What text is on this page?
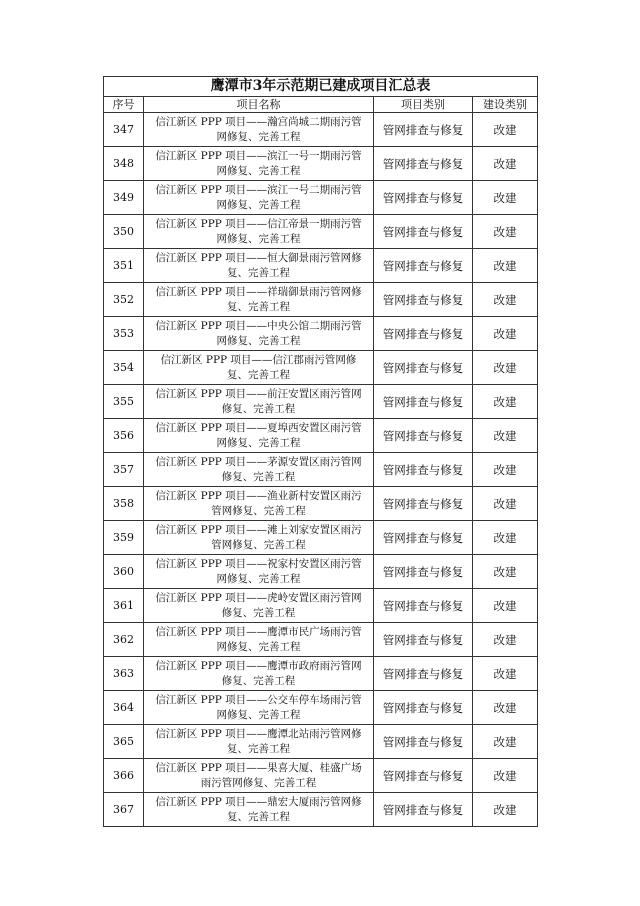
鹰潭市3年示范期已建成项目汇总表			
序号	项目名称	项目类别	建设类别
347	信江新区 PPP 项目——瀚宫尚城二期雨污管
网修复、完善工程	管网排查与修复	改建
348	信江新区 PPP 项目——滨江一号一期雨污管
网修复、完善工程	管网排查与修复	改建
349	信江新区 PPP 项目——滨江一号二期雨污管
网修复、完善工程	管网排查与修复	改建
350	信江新区 PPP 项目——信江帝景一期雨污管
网修复、完善工程	管网排查与修复	改建
351	信江新区 PPP 项目——恒大御景雨污管网修
复、完善工程	管网排查与修复	改建
352	信江新区 PPP 项目——祥瑞御景雨污管网修
复、完善工程	管网排查与修复	改建
353	信江新区 PPP 项目——中央公馆二期雨污管
网修复、完善工程	管网排查与修复	改建
354	信江新区 PPP 项目——信江郡雨污管网修
复、完善工程	管网排查与修复	改建
355	信江新区 PPP 项目——前汪安置区雨污管网
修复、完善工程	管网排查与修复	改建
356	信江新区 PPP 项目——夏埠西安置区雨污管
网修复、完善工程	管网排查与修复	改建
357	信江新区 PPP 项目——茅源安置区雨污管网
修复、完善工程	管网排查与修复	改建
358	信江新区 PPP 项目——渔业新村安置区雨污
管网修复、完善工程	管网排查与修复	改建
359	信江新区 PPP 项目——滩上刘家安置区雨污
管网修复、完善工程	管网排查与修复	改建
360	信江新区 PPP 项目——祝家村安置区雨污管
网修复、完善工程	管网排查与修复	改建
361	信江新区 PPP 项目——虎岭安置区雨污管网
修复、完善工程	管网排查与修复	改建
362	信江新区 PPP 项目——鹰潭市民广场雨污管
网修复、完善工程	管网排查与修复	改建
363	信江新区 PPP 项目——鹰潭市政府雨污管网
修复、完善工程	管网排查与修复	改建
364	信江新区 PPP 项目——公交车停车场雨污管
网修复、完善工程	管网排查与修复	改建
365	信江新区 PPP 项目——鹰潭北站雨污管网修
复、完善工程	管网排查与修复	改建
366	信江新区 PPP 项目——果喜大厦、桂盛广场
雨污管网修复、完善工程	管网排查与修复	改建
367	信江新区 PPP 项目——鼎宏大厦雨污管网修
复、完善工程	管网排查与修复	改建
